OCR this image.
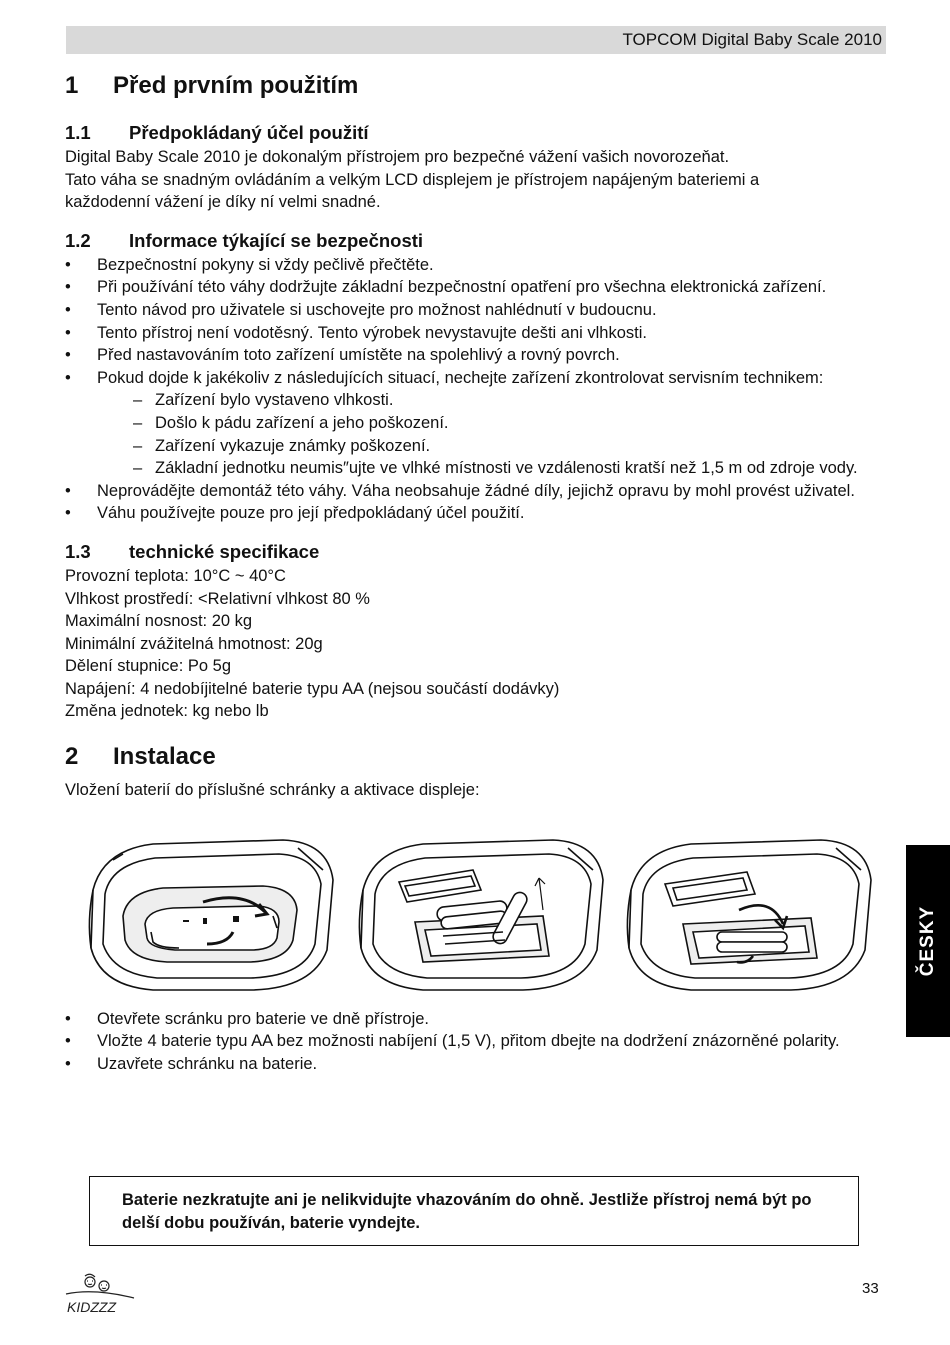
TOPCOM Digital Baby Scale 2010
1 Před prvním použitím
1.1 Předpokládaný účel použití

Digital Baby Scale 2010 je dokonalým přístrojem pro bezpečné vážení vašich novorozeňat.

Tato váha se snadným ovládáním a velkým LCD displejem je přístrojem napájeným bateriemi a

každodenní vážení je díky ní velmi snadné.

1.2 Informace týkající se bezpečnosti
•	Bezpečnostní pokyny si vždy pečlivě přečtěte.
•	Při používání této váhy dodržujte základní bezpečnostní opatření pro všechna elektronická zařízení.
•	Tento návod pro uživatele si uschovejte pro možnost nahlédnutí v budoucnu.
•	Tento přístroj není vodotěsný. Tento výrobek nevystavujte dešti ani vlhkosti.
•	Před nastavováním toto zařízení umístěte na spolehlivý a rovný povrch.
•	Pokud dojde k jakékoliv z následujících situací, nechejte zařízení zkontrolovat servisním technikem:
– Zařízení bylo vystaveno vlhkosti.
– Došlo k pádu zařízení a jeho poškození.
– Zařízení vykazuje známky poškození.
– Základní jednotku neumis″ujte ve vlhké místnosti ve vzdálenosti kratší než 1,5 m od zdroje vody.
•	Neprovádějte demontáž této váhy. Váha neobsahuje žádné díly, jejichž opravu by mohl provést uživatel.
•	Váhu používejte pouze pro její předpokládaný účel použití.
1.3 technické specifikace

Provozní teplota: 10°C ~ 40°C

Vlhkost prostředí: <Relativní vlhkost 80 %

Maximální nosnost: 20 kg

Minimální zvážitelná hmotnost: 20g

Dělení stupnice: Po 5g

Napájení: 4 nedobíjitelné baterie typu AA (nejsou součástí dodávky)

Změna jednotek: kg nebo lb

2 Instalace

Vložení baterií do příslušné schránky a aktivace displeje:

•	Otevřete scránku pro baterie ve dně přístroje.
•	Vložte 4 baterie typu AA bez možnosti nabíjení (1,5 V), přitom dbejte na dodržení znázorněné polarity.
•	Uzavřete schránku na baterie.
Baterie nezkratujte ani je nelikvidujte vhazováním do ohně. Jestliže přístroj nemá být po delší dobu používán, baterie vyndejte.
ČESKY
KIDZZZ
33
